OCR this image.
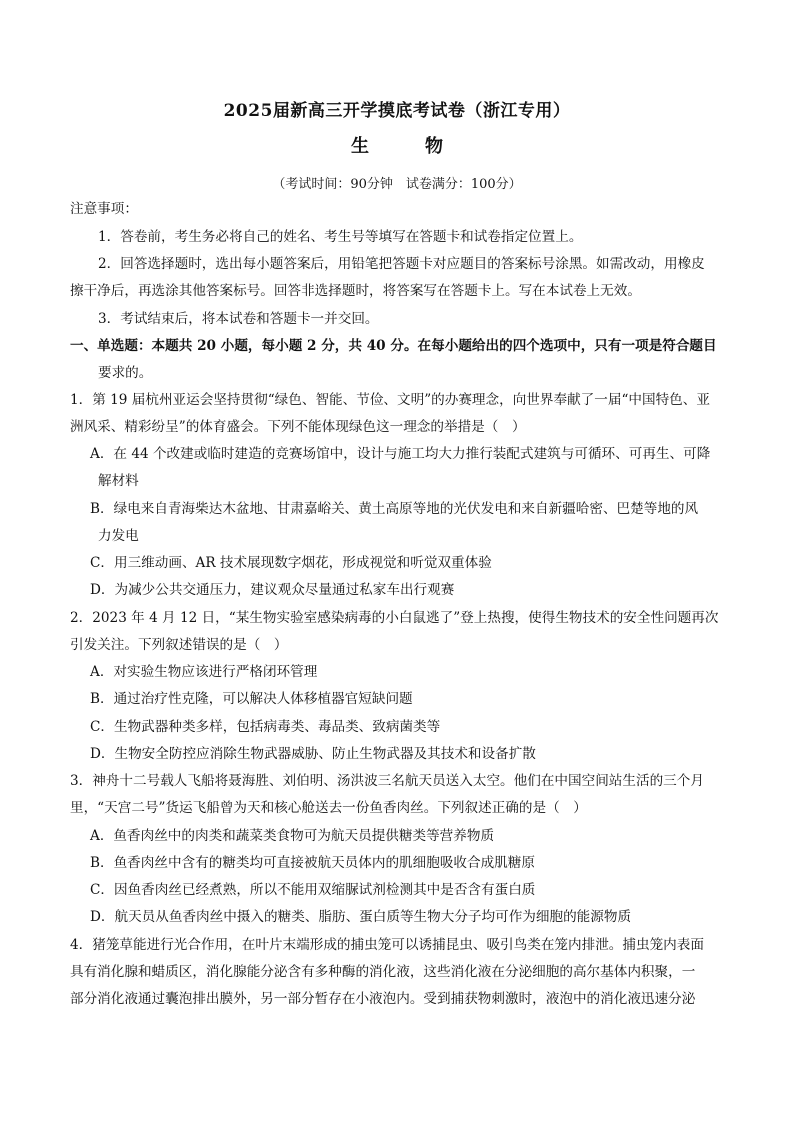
2025届新高三开学摸底考试卷（浙江专用）
生	物
（考试时间：90分钟　试卷满分：100分）
注意事项：
1．答卷前，考生务必将自己的姓名、考生号等填写在答题卡和试卷指定位置上。
2．回答选择题时，选出每小题答案后，用铅笔把答题卡对应题目的答案标号涂黑。如需改动，用橡皮
擦干净后，再选涂其他答案标号。回答非选择题时，将答案写在答题卡上。写在本试卷上无效。
3．考试结束后，将本试卷和答题卡一并交回。
一、单选题：本题共 20 小题，每小题 2 分，共 40 分。在每小题给出的四个选项中，只有一项是符合题目
要求的。
1．第 19 届杭州亚运会坚持贯彻“绿色、智能、节俭、文明”的办赛理念，向世界奉献了一届“中国特色、亚
洲风采、精彩纷呈”的体育盛会。下列不能体现绿色这一理念的举措是（　）
A．在 44 个改建或临时建造的竞赛场馆中，设计与施工均大力推行装配式建筑与可循环、可再生、可降
解材料
B．绿电来自青海柴达木盆地、甘肃嘉峪关、黄土高原等地的光伏发电和来自新疆哈密、巴楚等地的风
力发电
C．用三维动画、AR 技术展现数字烟花，形成视觉和听觉双重体验
D．为减少公共交通压力，建议观众尽量通过私家车出行观赛
2．2023 年 4 月 12 日，“某生物实验室感染病毒的小白鼠逃了”登上热搜，使得生物技术的安全性问题再次
引发关注。下列叙述错误的是（　）
A．对实验生物应该进行严格闭环管理
B．通过治疗性克隆，可以解决人体移植器官短缺问题
C．生物武器种类多样，包括病毒类、毒品类、致病菌类等
D．生物安全防控应消除生物武器威胁、防止生物武器及其技术和设备扩散
3．神舟十二号载人飞船将聂海胜、刘伯明、汤洪波三名航天员送入太空。他们在中国空间站生活的三个月
里，“天宫二号”货运飞船曾为天和核心舱送去一份鱼香肉丝。下列叙述正确的是（　）
A．鱼香肉丝中的肉类和蔬菜类食物可为航天员提供糖类等营养物质
B．鱼香肉丝中含有的糖类均可直接被航天员体内的肌细胞吸收合成肌糖原
C．因鱼香肉丝已经煮熟，所以不能用双缩脲试剂检测其中是否含有蛋白质
D．航天员从鱼香肉丝中摄入的糖类、脂肪、蛋白质等生物大分子均可作为细胞的能源物质
4．猪笼草能进行光合作用，在叶片末端形成的捕虫笼可以诱捕昆虫、吸引鸟类在笼内排泄。捕虫笼内表面
具有消化腺和蜡质区，消化腺能分泌含有多种酶的消化液，这些消化液在分泌细胞的高尔基体内积聚，一
部分消化液通过囊泡排出膜外，另一部分暂存在小液泡内。受到捕获物刺激时，液泡中的消化液迅速分泌
